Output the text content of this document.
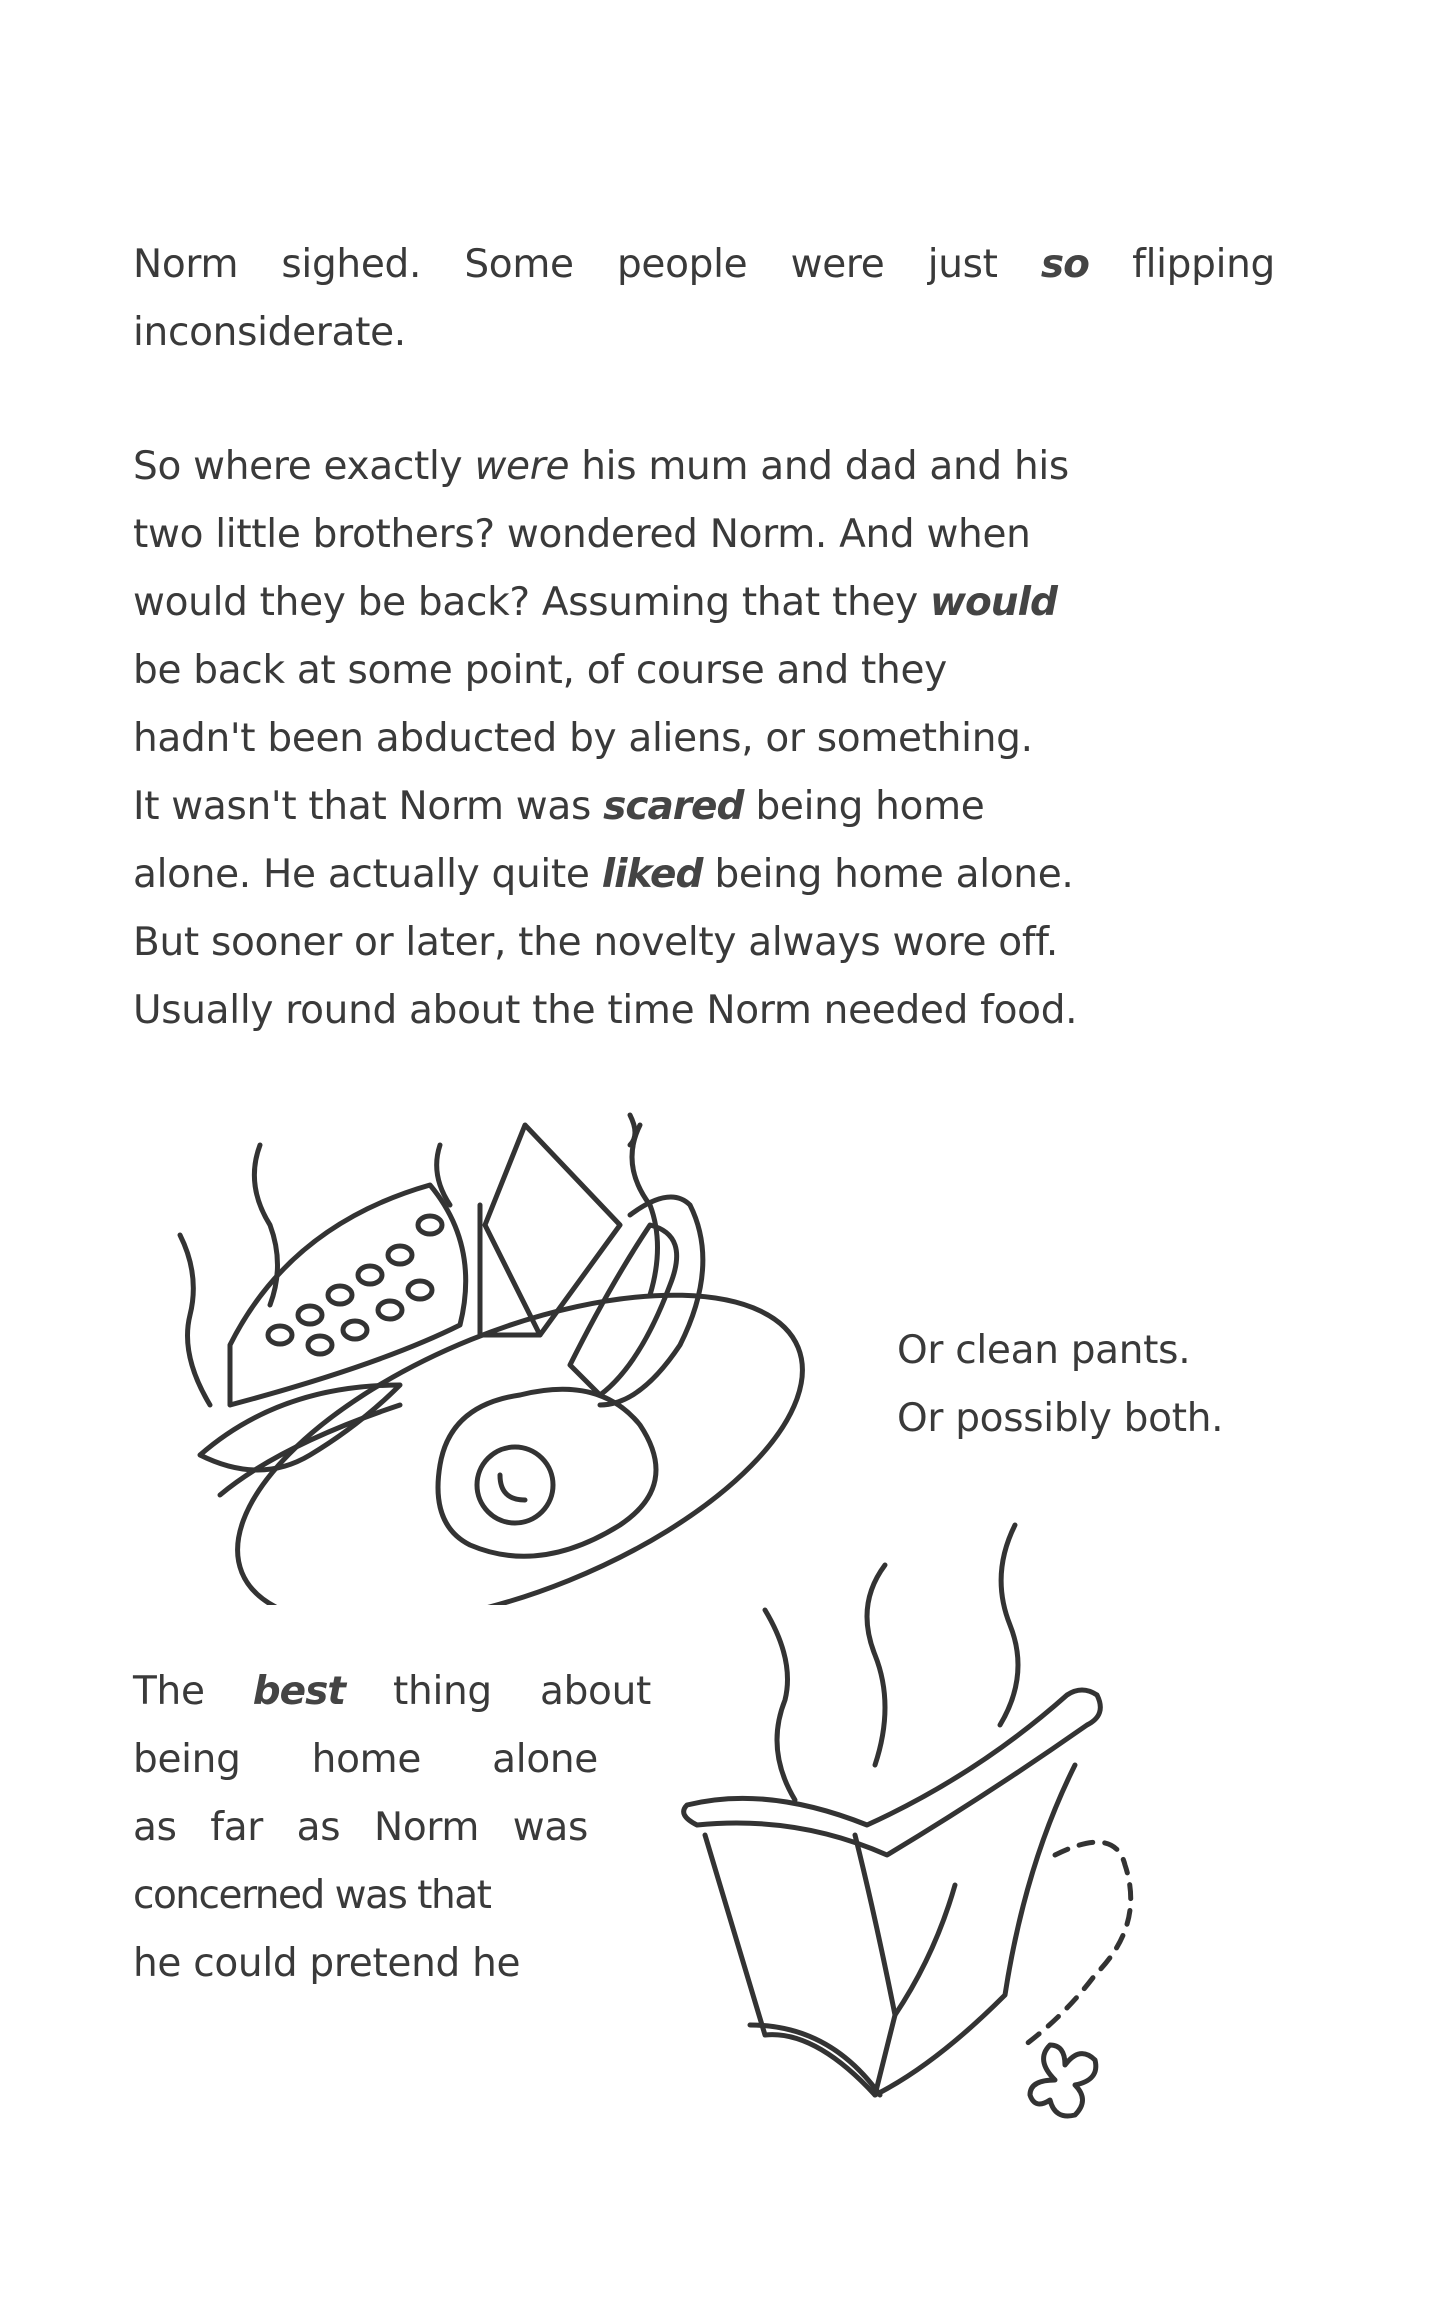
Norm sighed. Some people were just so flipping
inconsiderate.
So where exactly were his mum and dad and his
two little brothers? wondered Norm. And when
would they be back? Assuming that they would
be back at some point, of course and they
hadn't been abducted by aliens, or something.
It wasn't that Norm was scared being home
alone. He actually quite liked being home alone.
But sooner or later, the novelty always wore off.
Usually round about the time Norm needed food.
Or clean pants.
Or possibly both.
The best thing about
being home alone
as far as Norm was
concerned was that
he could pretend he
